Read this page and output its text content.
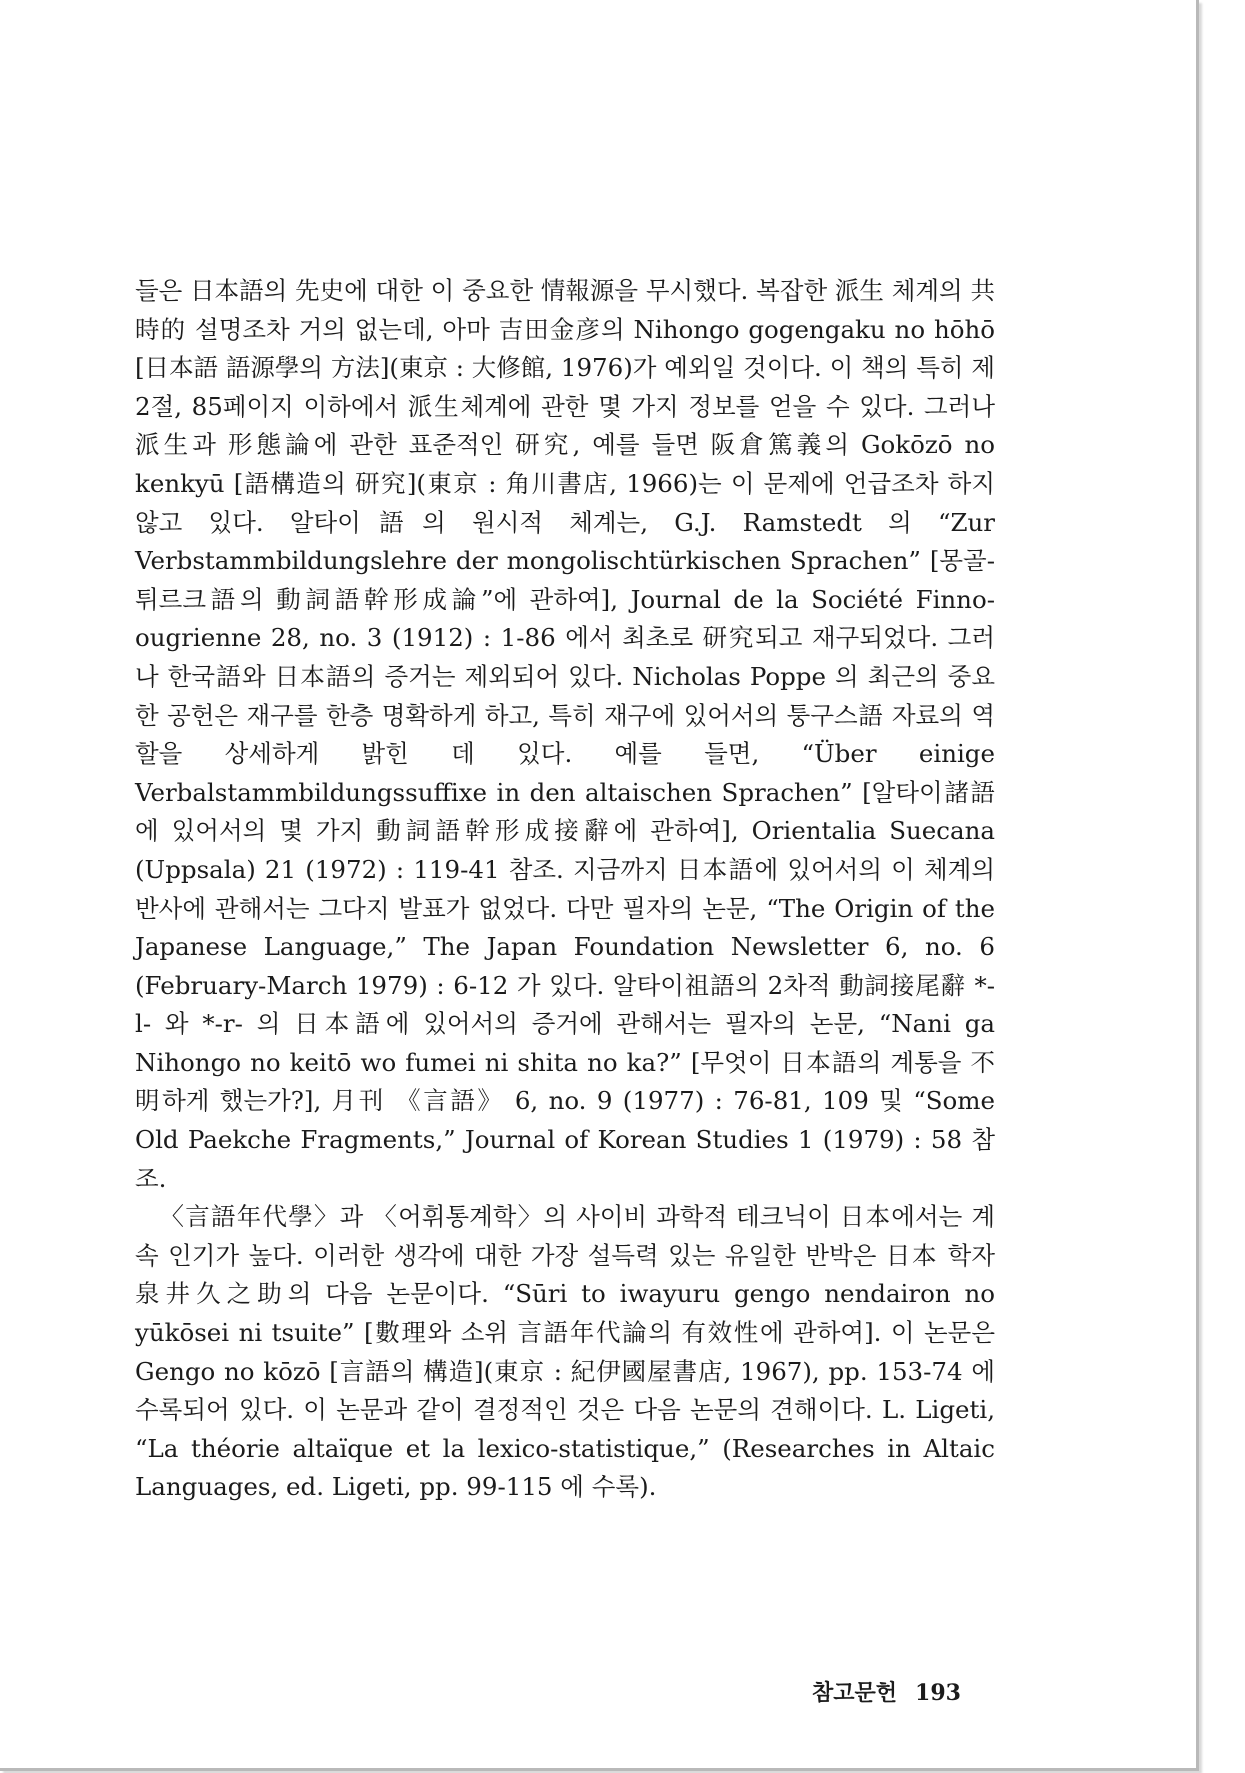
들은 日本語의 先史에 대한 이 중요한 情報源을 무시했다. 복잡한 派生 체계의 共時的 설명조차 거의 없는데, 아마 吉田金彦의 Nihongo gogengaku no hōhō [日本語 語源學의 方法](東京 : 大修館, 1976)가 예외일 것이다. 이 책의 특히 제 2절, 85페이지 이하에서 派生체계에 관한 몇 가지 정보를 얻을 수 있다. 그러나 派生과 形態論에 관한 표준적인 研究, 예를 들면 阪倉篤義의 Gokōzō no kenkyū [語構造의 研究](東京 : 角川書店, 1966)는 이 문제에 언급조차 하지 않고 있다. 알타이語의 원시적 체계는, G.J. Ramstedt 의 “Zur Verbstammbildungslehre der mongolischtürkischen Sprachen” [몽골-튀르크語의 動詞語幹形成論”에 관하여], Journal de la Société Finno-ougrienne 28, no. 3 (1912) : 1-86 에서 최초로 研究되고 재구되었다. 그러나 한국語와 日本語의 증거는 제외되어 있다. Nicholas Poppe 의 최근의 중요한 공헌은 재구를 한층 명확하게 하고, 특히 재구에 있어서의 퉁구스語 자료의 역할을 상세하게 밝힌 데 있다. 예를 들면, “Über einige Verbalstammbildungssuffixe in den altaischen Sprachen” [알타이諸語에 있어서의 몇 가지 動詞語幹形成接辭에 관하여], Orientalia Suecana (Uppsala) 21 (1972) : 119-41 참조. 지금까지 日本語에 있어서의 이 체계의 반사에 관해서는 그다지 발표가 없었다. 다만 필자의 논문, “The Origin of the Japanese Language,” The Japan Foundation Newsletter 6, no. 6 (February-March 1979) : 6-12 가 있다. 알타이祖語의 2차적 動詞接尾辭 *-l- 와 *-r- 의 日本語에 있어서의 증거에 관해서는 필자의 논문, “Nani ga Nihongo no keitō wo fumei ni shita no ka?” [무엇이 日本語의 계통을 不明하게 했는가?], 月刊 《言語》 6, no. 9 (1977) : 76-81, 109 및 “Some Old Paekche Fragments,” Journal of Korean Studies 1 (1979) : 58 참조.

〈言語年代學〉과 〈어휘통계학〉의 사이비 과학적 테크닉이 日本에서는 계속 인기가 높다. 이러한 생각에 대한 가장 설득력 있는 유일한 반박은 日本 학자 泉井久之助의 다음 논문이다. “Sūri to iwayuru gengo nendairon no yūkōsei ni tsuite” [數理와 소위 言語年代論의 有效性에 관하여]. 이 논문은 Gengo no kōzō [言語의 構造](東京 : 紀伊國屋書店, 1967), pp. 153-74 에 수록되어 있다. 이 논문과 같이 결정적인 것은 다음 논문의 견해이다. L. Ligeti, “La théorie altaïque et la lexico-statistique,” (Researches in Altaic Languages, ed. Ligeti, pp. 99-115 에 수록).

참고문헌 193
